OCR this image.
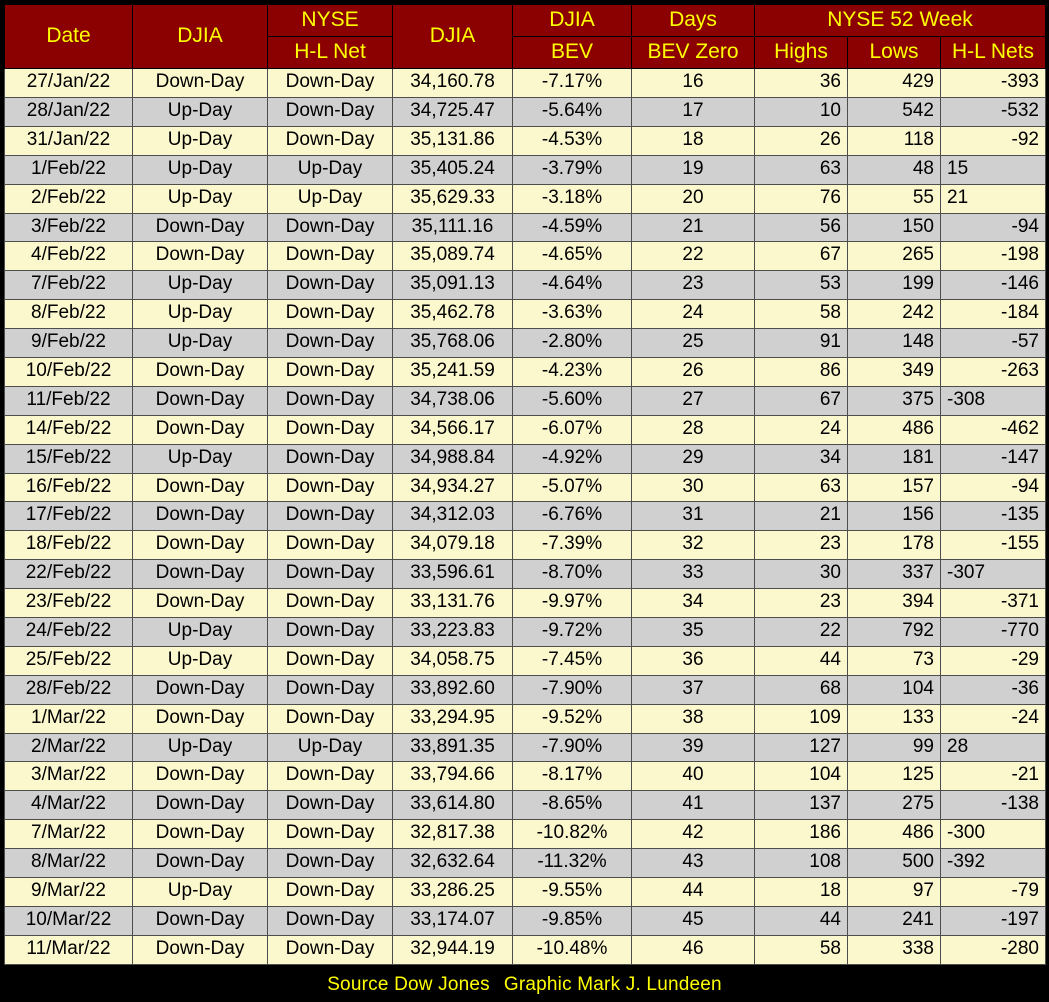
Date	DJIA	NYSE	DJIA	DJIA	Days	NYSE 52 Week		
		H-L Net		BEV	BEV Zero	Highs	Lows	H-L Nets
27/Jan/22	Down-Day	Down-Day	34,160.78	-7.17%	16	36	429	-393
28/Jan/22	Up-Day	Down-Day	34,725.47	-5.64%	17	10	542	-532
31/Jan/22	Up-Day	Down-Day	35,131.86	-4.53%	18	26	118	-92
1/Feb/22	Up-Day	Up-Day	35,405.24	-3.79%	19	63	48	15
2/Feb/22	Up-Day	Up-Day	35,629.33	-3.18%	20	76	55	21
3/Feb/22	Down-Day	Down-Day	35,111.16	-4.59%	21	56	150	-94
4/Feb/22	Down-Day	Down-Day	35,089.74	-4.65%	22	67	265	-198
7/Feb/22	Up-Day	Down-Day	35,091.13	-4.64%	23	53	199	-146
8/Feb/22	Up-Day	Down-Day	35,462.78	-3.63%	24	58	242	-184
9/Feb/22	Up-Day	Down-Day	35,768.06	-2.80%	25	91	148	-57
10/Feb/22	Down-Day	Down-Day	35,241.59	-4.23%	26	86	349	-263
11/Feb/22	Down-Day	Down-Day	34,738.06	-5.60%	27	67	375	-308
14/Feb/22	Down-Day	Down-Day	34,566.17	-6.07%	28	24	486	-462
15/Feb/22	Up-Day	Down-Day	34,988.84	-4.92%	29	34	181	-147
16/Feb/22	Down-Day	Down-Day	34,934.27	-5.07%	30	63	157	-94
17/Feb/22	Down-Day	Down-Day	34,312.03	-6.76%	31	21	156	-135
18/Feb/22	Down-Day	Down-Day	34,079.18	-7.39%	32	23	178	-155
22/Feb/22	Down-Day	Down-Day	33,596.61	-8.70%	33	30	337	-307
23/Feb/22	Down-Day	Down-Day	33,131.76	-9.97%	34	23	394	-371
24/Feb/22	Up-Day	Down-Day	33,223.83	-9.72%	35	22	792	-770
25/Feb/22	Up-Day	Down-Day	34,058.75	-7.45%	36	44	73	-29
28/Feb/22	Down-Day	Down-Day	33,892.60	-7.90%	37	68	104	-36
1/Mar/22	Down-Day	Down-Day	33,294.95	-9.52%	38	109	133	-24
2/Mar/22	Up-Day	Up-Day	33,891.35	-7.90%	39	127	99	28
3/Mar/22	Down-Day	Down-Day	33,794.66	-8.17%	40	104	125	-21
4/Mar/22	Down-Day	Down-Day	33,614.80	-8.65%	41	137	275	-138
7/Mar/22	Down-Day	Down-Day	32,817.38	-10.82%	42	186	486	-300
8/Mar/22	Down-Day	Down-Day	32,632.64	-11.32%	43	108	500	-392
9/Mar/22	Up-Day	Down-Day	33,286.25	-9.55%	44	18	97	-79
10/Mar/22	Down-Day	Down-Day	33,174.07	-9.85%	45	44	241	-197
11/Mar/22	Down-Day	Down-Day	32,944.19	-10.48%	46	58	338	-280
Source Dow Jones Graphic Mark J. Lundeen
